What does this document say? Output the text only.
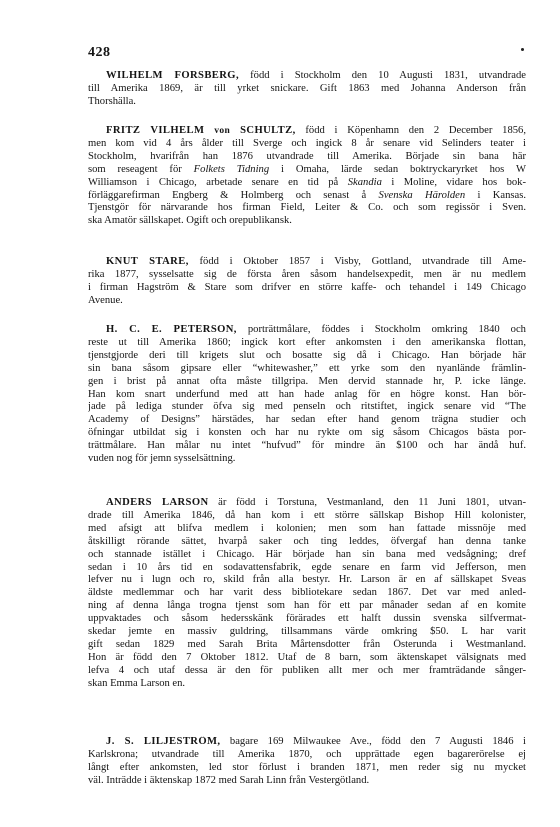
428
WILHELM FORSBERG, född i Stockholm den 10 Augusti 1831, utvandrade
till Amerika 1869, är till yrket snickare. Gift 1863 med Johanna Anderson från
Thorshälla.
FRITZ VILHELM von SCHULTZ, född i Köpenhamn den 2 December 1856,
men kom vid 4 års ålder till Sverge och ingick 8 år senare vid Selinders teater i
Stockholm, hvarifrån han 1876 utvandrade till Amerika. Började sin bana här
som reseagent för Folkets Tidning i Omaha, lärde sedan boktryckaryrket hos W
Williamson i Chicago, arbetade senare en tid på Skandia i Moline, vidare hos bok-
förläggarefirman Engberg & Holmberg och senast å Svenska Härolden i Kansas.
Tjenstgör för närvarande hos firman Field, Leiter & Co. och som regissör i Sven.
ska Amatör sällskapet. Ogift och orepublikansk.
KNUT STARE, född i Oktober 1857 i Visby, Gottland, utvandrade till Ame-
rika 1877, sysselsatte sig de första åren såsom handelsexpedit, men är nu medlem
i firman Hagström & Stare som drifver en större kaffe- och tehandel i 149 Chicago
Avenue.
H. C. E. PETERSON, porträttmålare, föddes i Stockholm omkring 1840 och
reste ut till Amerika 1860; ingick kort efter ankomsten i den amerikanska flottan,
tjenstgjorde deri till krigets slut och bosatte sig då i Chicago. Han började här
sin bana såsom gipsare eller “whitewasher,” ett yrke som den nyanlände främlin-
gen i brist på annat ofta måste tillgripa. Men dervid stannade hr, P. icke länge.
Han kom snart underfund med att han hade anlag för en högre konst. Han bör-
jade på lediga stunder öfva sig med penseln och ritstiftet, ingick senare vid “The
Academy of Designs” härstädes, har sedan efter hand genom trägna studier och
öfningar utbildat sig i konsten och har nu rykte om sig såsom Chicagos bästa por-
trättmålare. Han målar nu intet “hufvud” för mindre än $100 och har ändå huf.
vuden nog för jemn sysselsättning.
ANDERS LARSON är född i Torstuna, Vestmanland, den 11 Juni 1801, utvan-
drade till Amerika 1846, då han kom i ett större sällskap Bishop Hill kolonister,
med afsigt att blifva medlem i kolonien; men som han fattade missnöje med
åtskilligt rörande sättet, hvarpå saker och ting leddes, öfvergaf han denna tanke
och stannade istället i Chicago. Här började han sin bana med vedsågning; dref
sedan i 10 års tid en sodavattensfabrik, egde senare en farm vid Jefferson, men
lefver nu i lugn och ro, skild från alla bestyr. Hr. Larson är en af sällskapet Sveas
äldste medlemmar och har varit dess bibliotekare sedan 1867. Det var med anled-
ning af denna långa trogna tjenst som han för ett par månader sedan af en komite
uppvaktades och såsom hedersskänk förärades ett halft dussin svenska silfvermat-
skedar jemte en massiv guldring, tillsammans värde omkring $50. L har varit
gift sedan 1829 med Sarah Brita Mårtensdotter från Österunda i Westmanland.
Hon är född den 7 Oktober 1812. Utaf de 8 barn, som äktenskapet välsignats med
lefva 4 och utaf dessa är den för publiken allt mer och mer framträdande sånger-
skan Emma Larson en.
J. S. LILJESTRÖM, bagare 169 Milwaukee Ave., född den 7 Augusti 1846 i
Karlskrona; utvandrade till Amerika 1870, och upprättade egen bagarerörelse ej
långt efter ankomsten, led stor förlust i branden 1871, men reder sig nu mycket
väl. Inträdde i äktenskap 1872 med Sarah Linn från Vestergötland.
